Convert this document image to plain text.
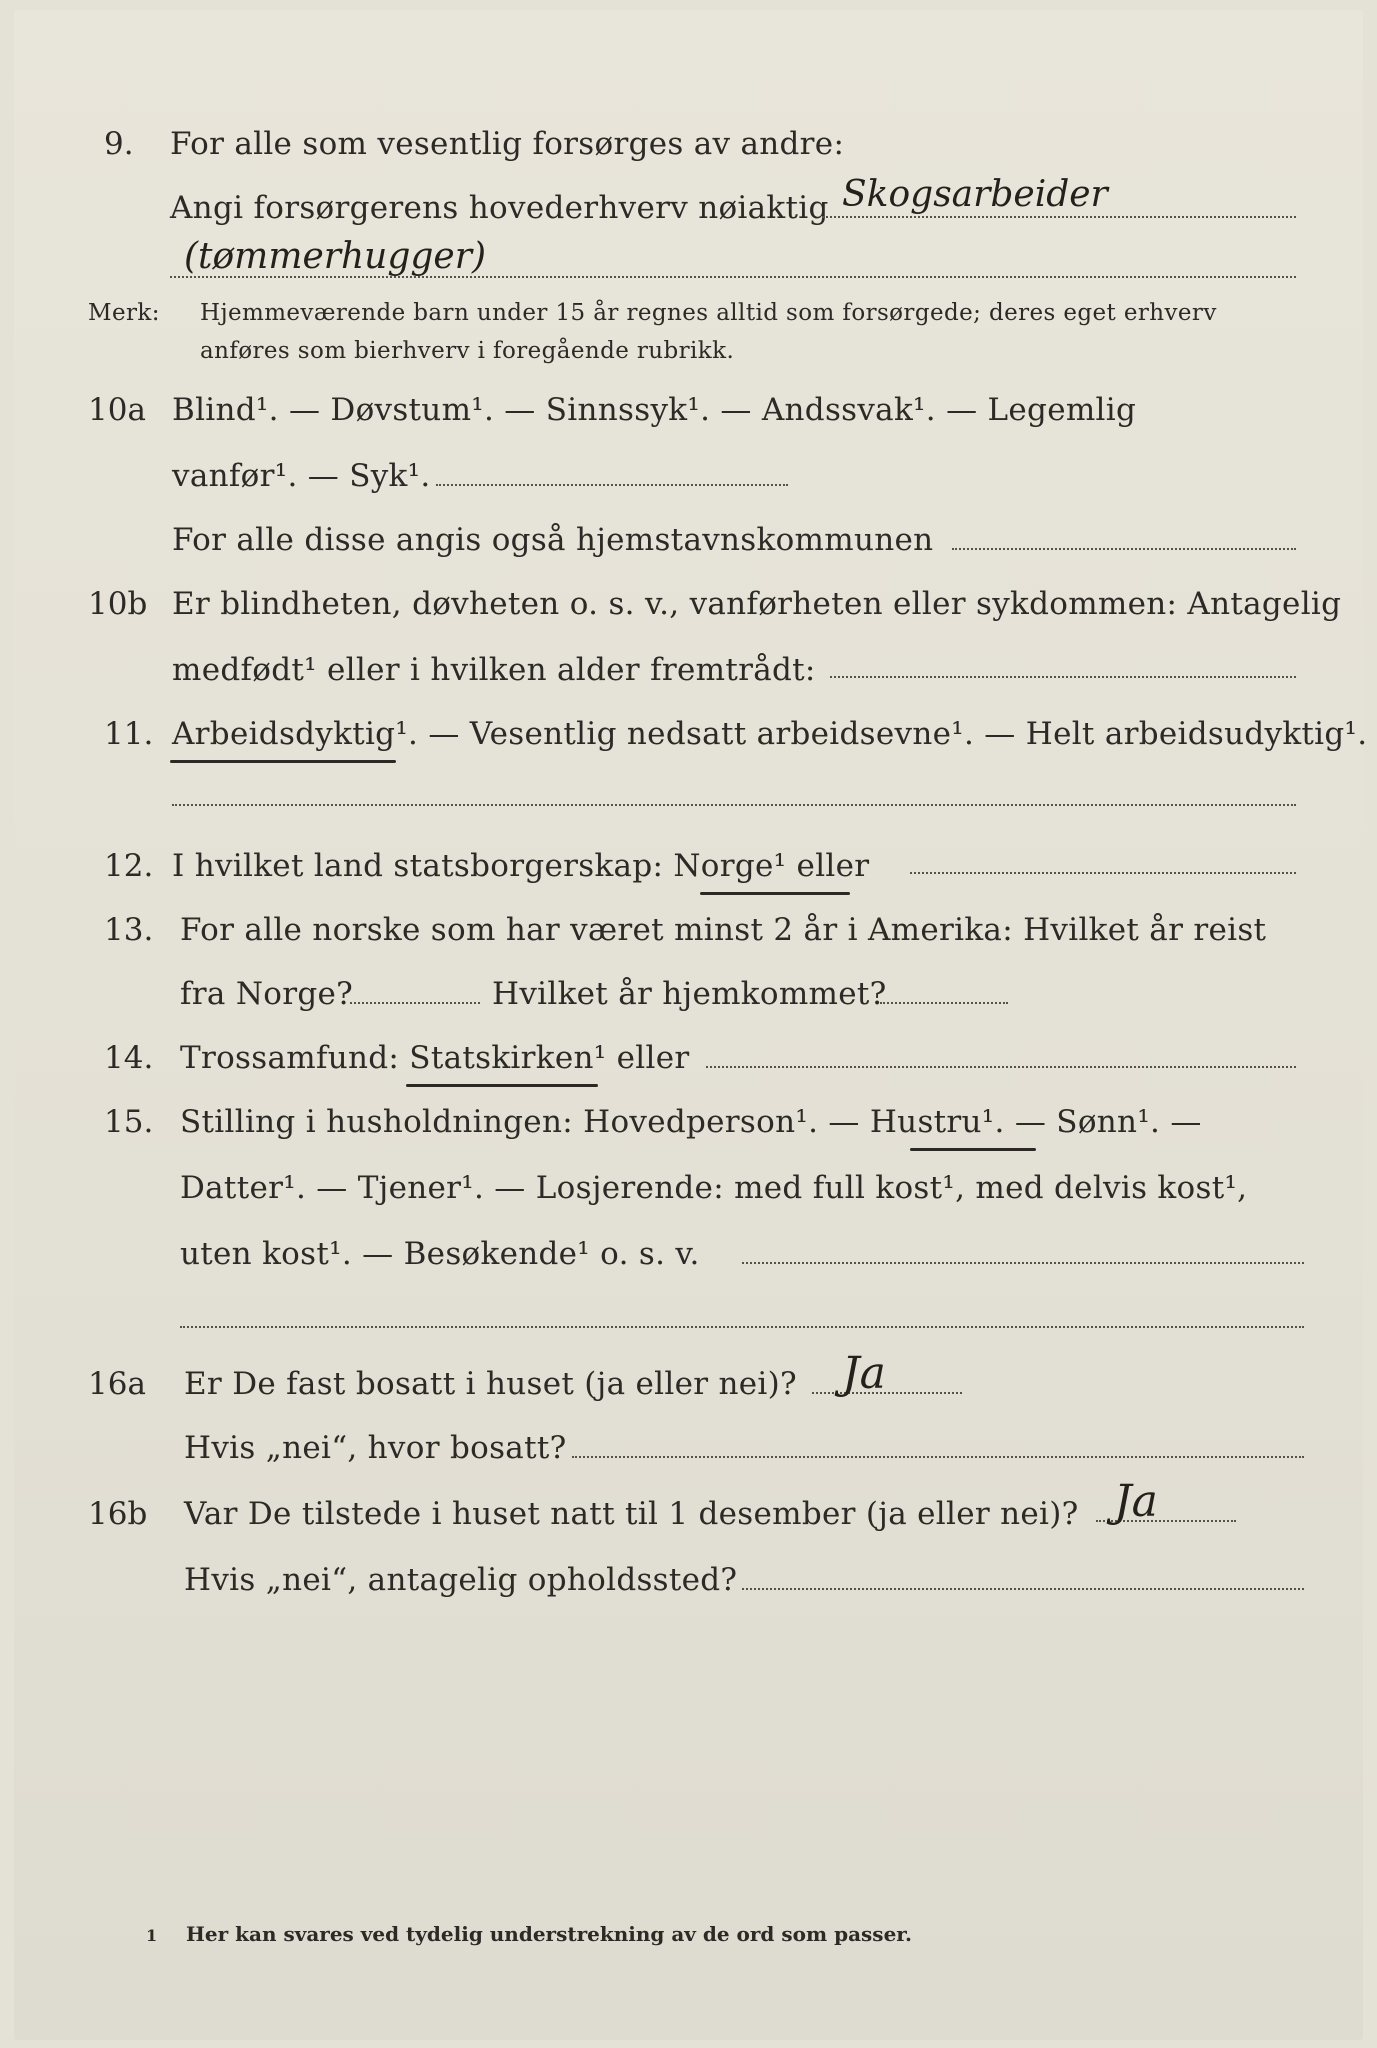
9. For alle som vesentlig forsørges av andre:
Angi forsørgerens hovederhverv nøiaktig Skogsarbeider
(tømmerhugger)
Merk: Hjemmeværende barn under 15 år regnes alltid som forsørgede; deres eget erhverv
anføres som bierhverv i foregående rubrikk.
10a Blind¹. — Døvstum¹. — Sinnssyk¹. — Andssvak¹. — Legemlig
vanfør¹. — Syk¹.
For alle disse angis også hjemstavnskommunen
10b Er blindheten, døvheten o. s. v., vanførheten eller sykdommen: Antagelig
medfødt¹ eller i hvilken alder fremtrådt:
11. Arbeidsdyktig¹. — Vesentlig nedsatt arbeidsevne¹. — Helt arbeidsudyktig¹.
12. I hvilket land statsborgerskap: Norge¹ eller
13. For alle norske som har været minst 2 år i Amerika: Hvilket år reist
fra Norge?	Hvilket år hjemkommet?
14. Trossamfund: Statskirken¹ eller
15. Stilling i husholdningen: Hovedperson¹. — Hustru¹. — Sønn¹. —
Datter¹. — Tjener¹. — Losjerende: med full kost¹, med delvis kost¹,
uten kost¹. — Besøkende¹ o. s. v.
16a Er De fast bosatt i huset (ja eller nei)? Ja
Hvis „nei“, hvor bosatt?
16b Var De tilstede i huset natt til 1 desember (ja eller nei)? Ja
Hvis „nei“, antagelig opholdssted?
1 Her kan svares ved tydelig understrekning av de ord som passer.
